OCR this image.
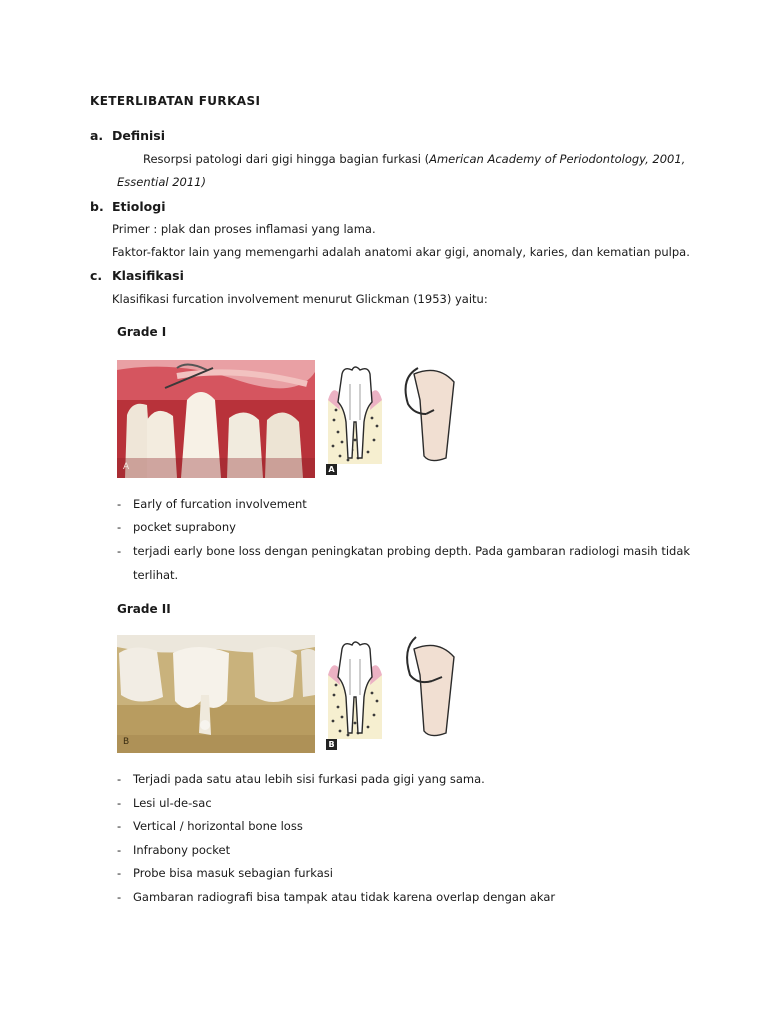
KETERLIBATAN FURKASI
a. Definisi
Resorpsi patologi dari gigi hingga bagian furkasi (American Academy of Periodontology, 2001,
Essential 2011)
b. Etiologi
Primer : plak dan proses inflamasi yang lama.
Faktor-faktor lain yang memengarhi adalah anatomi akar gigi, anomaly, karies, dan kematian pulpa.
c. Klasifikasi
Klasifikasi furcation involvement menurut Glickman (1953) yaitu:
Grade I
A	A
- Early of furcation involvement
- pocket suprabony
- terjadi early bone loss dengan peningkatan probing depth. Pada gambaran radiologi masih tidak
terlihat.
Grade II
B	B
- Terjadi pada satu atau lebih sisi furkasi pada gigi yang sama.
- Lesi ul-de-sac
- Vertical / horizontal bone loss
- Infrabony pocket
- Probe bisa masuk sebagian furkasi
- Gambaran radiografi bisa tampak atau tidak karena overlap dengan akar
